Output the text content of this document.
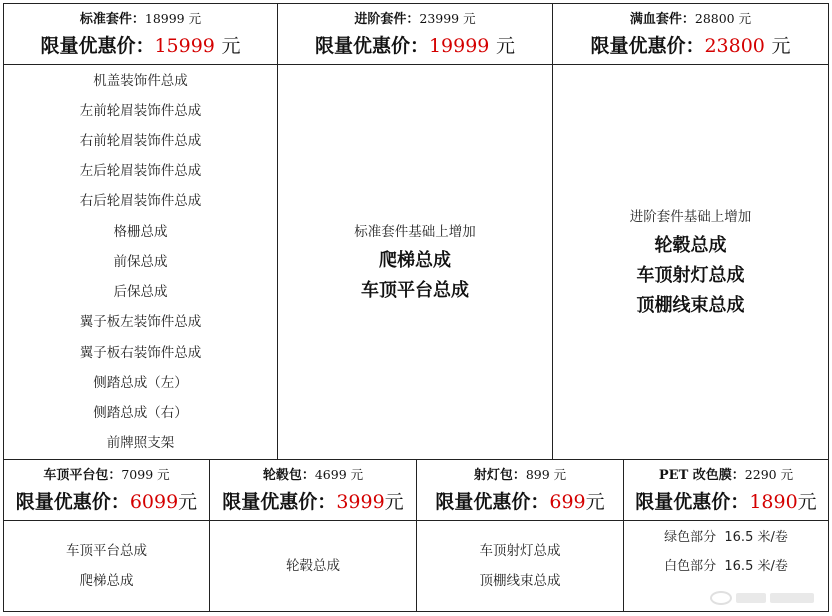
标准套件：18999 元
限量优惠价：15999 元
进阶套件：23999 元
限量优惠价：19999 元
满血套件：28800 元
限量优惠价：23800 元
机盖装饰件总成
左前轮眉装饰件总成
右前轮眉装饰件总成
左后轮眉装饰件总成
右后轮眉装饰件总成
格栅总成
前保总成
后保总成
翼子板左装饰件总成
翼子板右装饰件总成
侧踏总成（左）
侧踏总成（右）
前牌照支架
标准套件基础上增加
爬梯总成
车顶平台总成
进阶套件基础上增加
轮毂总成
车顶射灯总成
顶棚线束总成
车顶平台包：7099 元
限量优惠价：6099元
轮毂包：4699 元
限量优惠价：3999元
射灯包：899 元
限量优惠价：699元
PET 改色膜：2290 元
限量优惠价：1890元
车顶平台总成
爬梯总成
轮毂总成
车顶射灯总成
顶棚线束总成
绿色部分  16.5 米/卷
白色部分  16.5 米/卷
